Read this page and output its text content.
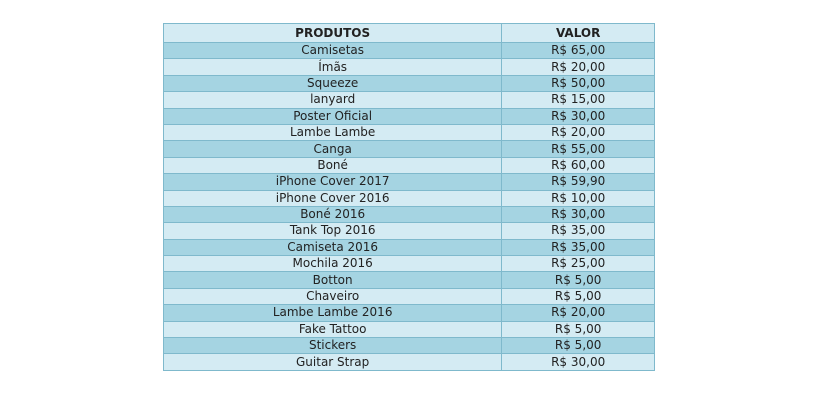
PRODUTOS	VALOR
Camisetas	R$ 65,00
Ímãs	R$ 20,00
Squeeze	R$ 50,00
lanyard	R$ 15,00
Poster Oficial	R$ 30,00
Lambe Lambe	R$ 20,00
Canga	R$ 55,00
Boné	R$ 60,00
iPhone Cover 2017	R$ 59,90
iPhone Cover 2016	R$ 10,00
Boné 2016	R$ 30,00
Tank Top 2016	R$ 35,00
Camiseta 2016	R$ 35,00
Mochila 2016	R$ 25,00
Botton	R$ 5,00
Chaveiro	R$ 5,00
Lambe Lambe 2016	R$ 20,00
Fake Tattoo	R$ 5,00
Stickers	R$ 5,00
Guitar Strap	R$ 30,00
